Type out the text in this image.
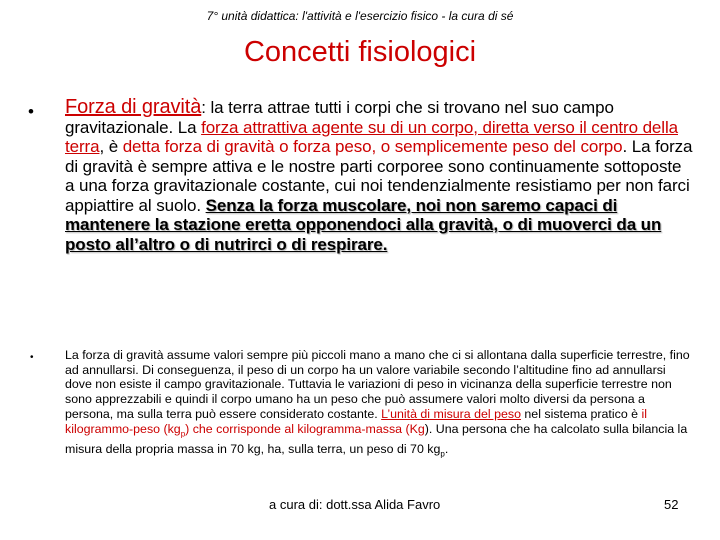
7° unità didattica: l'attività e l'esercizio fisico - la cura di sé
Concetti fisiologici
• Forza di gravità: la terra attrae tutti i corpi che si trovano nel suo campo gravitazionale. La forza attrattiva agente su di un corpo, diretta verso il centro della terra, è detta forza di gravità o forza peso, o semplicemente peso del corpo. La forza di gravità è sempre attiva e le nostre parti corporee sono continuamente sottoposte a una forza gravitazionale costante, cui noi tendenzialmente resistiamo per non farci appiattire al suolo. Senza la forza muscolare, noi non saremo capaci di mantenere la stazione eretta opponendoci alla gravità, o di muoverci da un posto all’altro o di nutrirci o di respirare.
•	La forza di gravità assume valori sempre più piccoli mano a mano che ci si allontana dalla superficie terrestre, fino ad annullarsi. Di conseguenza, il peso di un corpo ha un valore variabile secondo l’altitudine fino ad annullarsi dove non esiste il campo gravitazionale. Tuttavia le variazioni di peso in vicinanza della superficie terrestre non sono apprezzabili e quindi il corpo umano ha un peso che può assumere valori molto diversi da persona a persona, ma sulla terra può essere considerato costante. L’unità di misura del peso nel sistema pratico è il kilogrammo-peso $(kg_p)$ che corrisponde al kilogramma-massa (Kg). Una persona che ha calcolato sulla bilancia la misura della propria massa in 70 kg, ha, sulla terra, un peso di 70 $kg_p$.
a cura di: dott.ssa Alida Favro	52
